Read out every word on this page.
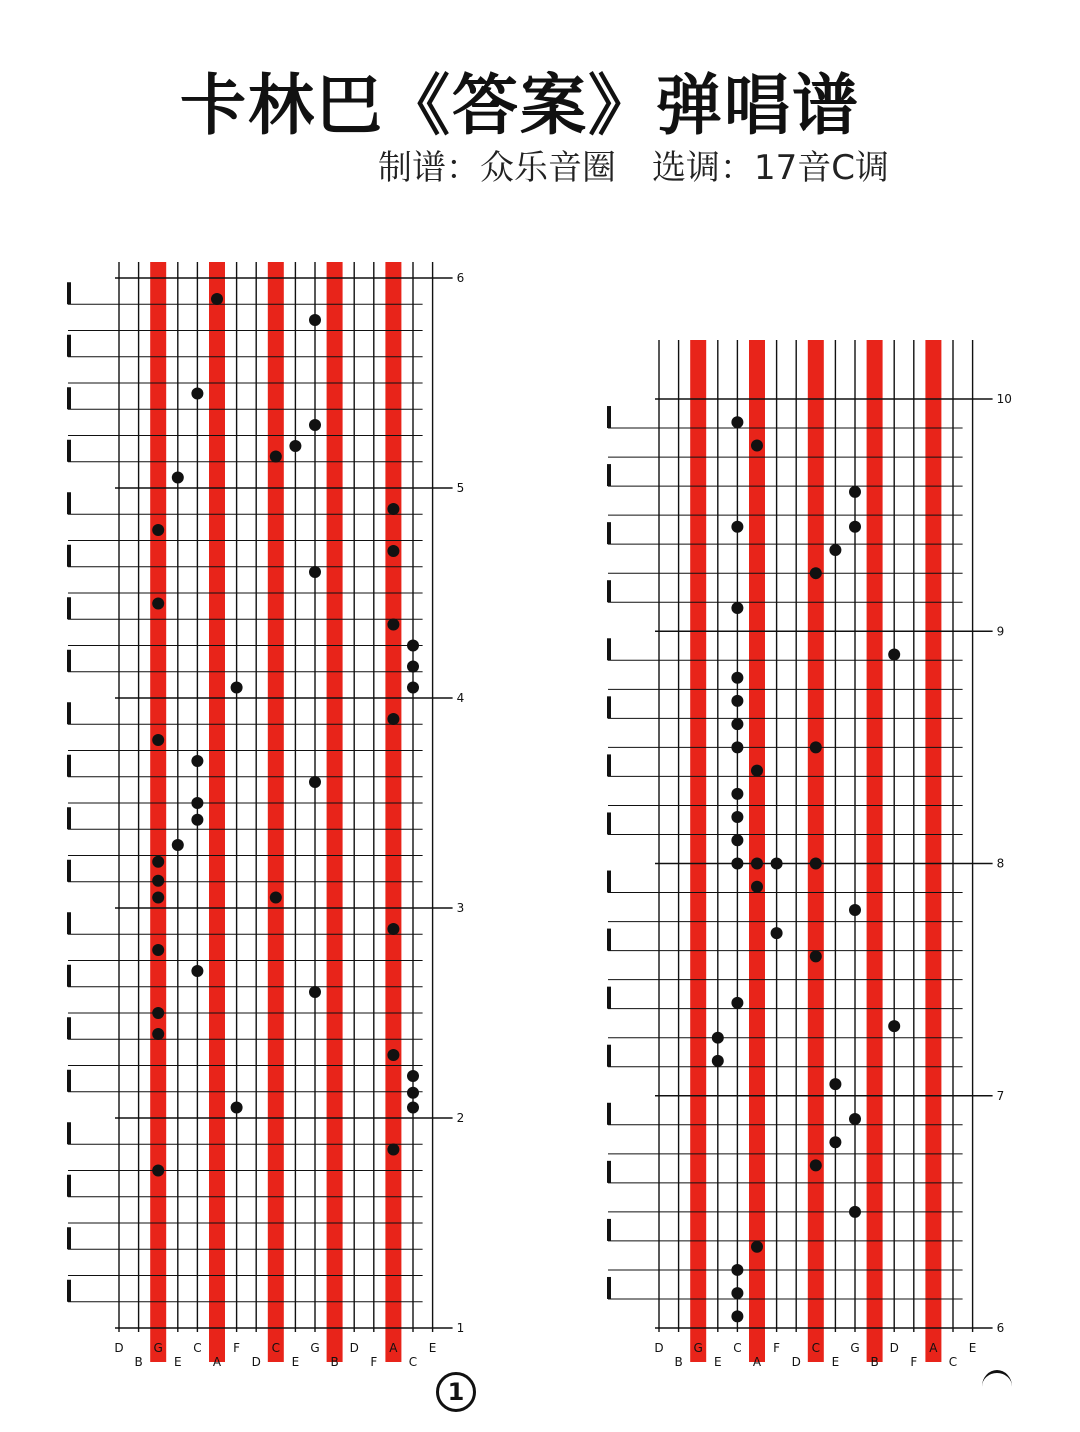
卡林巴《答案》弹唱谱
制谱：众乐音圈 选调：17音C调
D
B
G
E
C
A
F
D
C
E
G
B
D
F
A
C
E
6
5
4
3
2
1
D
B
G
E
C
A
F
D
C
E
G
B
D
F
A
C
E
10
9
8
7
6
1
